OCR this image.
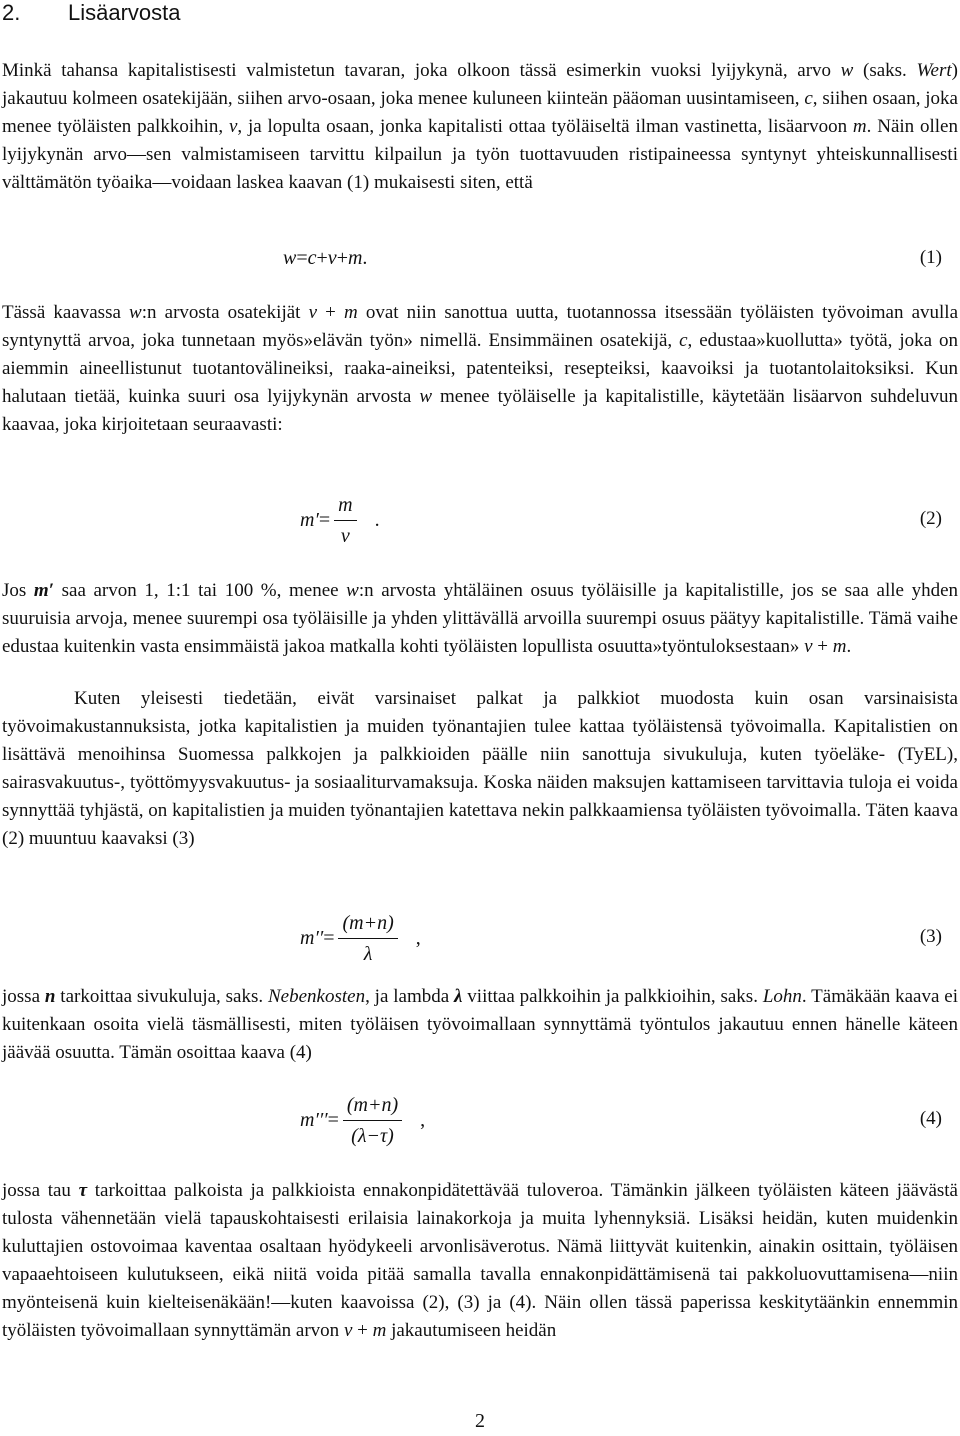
2. Lisäarvosta

Minkä tahansa kapitalistisesti valmistetun tavaran, joka olkoon tässä esimerkin vuoksi lyijykynä, arvo w (saks. Wert) jakautuu kolmeen osatekijään, siihen arvo-osaan, joka menee kuluneen kiinteän pääoman uusintamiseen, c, siihen osaan, joka menee työläisten palkkoihin, v, ja lopulta osaan, jonka kapitalisti ottaa työläiseltä ilman vastinetta, lisäarvoon m. Näin ollen lyijykynän arvo—sen valmistamiseen tarvittu kilpailun ja työn tuottavuuden ristipaineessa syntynyt yhteiskunnallisesti välttämätön työaika—voidaan laskea kaavan (1) mukaisesti siten, että

w = c + v + m .	(1)

Tässä kaavassa w:n arvosta osatekijät v + m ovat niin sanottua uutta, tuotannossa itsessään työläisten työvoiman avulla syntynyttä arvoa, joka tunnetaan myös»elävän työn» nimellä. Ensimmäinen osatekijä, c, edustaa»kuollutta» työtä, joka on aiemmin aineellistunut tuotantovälineiksi, raaka-aineiksi, patenteiksi, resepteiksi, kaavoiksi ja tuotantolaitoksiksi. Kun halutaan tietää, kuinka suuri osa lyijykynän arvosta w menee työläiselle ja kapitalistille, käytetään lisäarvon suhdeluvun kaavaa, joka kirjoitetaan seuraavasti:

$m' = \frac{m}{v}$ .	(2)

Jos m′ saa arvon 1, 1:1 tai 100 %, menee w:n arvosta yhtäläinen osuus työläisille ja kapitalistille, jos se saa alle yhden suuruisia arvoja, menee suurempi osa työläisille ja yhden ylittävällä arvoilla suurempi osuus päätyy kapitalistille. Tämä vaihe edustaa kuitenkin vasta ensimmäistä jakoa matkalla kohti työläisten lopullista osuutta»työntuloksestaan» v + m.

Kuten yleisesti tiedetään, eivät varsinaiset palkat ja palkkiot muodosta kuin osan varsinaisista työvoimakustannuksista, jotka kapitalistien ja muiden työnantajien tulee kattaa työläistensä työvoimalla. Kapitalistien on lisättävä menoihinsa Suomessa palkkojen ja palkkioiden päälle niin sanottuja sivukuluja, kuten työeläke- (TyEL), sairasvakuutus-, työttömyysvakuutus- ja sosiaaliturvamaksuja. Koska näiden maksujen kattamiseen tarvittavia tuloja ei voida synnyttää tyhjästä, on kapitalistien ja muiden työnantajien katettava nekin palkkaamiensa työläisten työvoimalla. Täten kaava (2) muuntuu kaavaksi (3)

$m'' = \frac{(m+n)}{\lambda}$ ,	(3)

jossa n tarkoittaa sivukuluja, saks. Nebenkosten, ja lambda λ viittaa palkkoihin ja palkkioihin, saks. Lohn. Tämäkään kaava ei kuitenkaan osoita vielä täsmällisesti, miten työläisen työvoimallaan synnyttämä työntulos jakautuu ennen hänelle käteen jäävää osuutta. Tämän osoittaa kaava (4)

$m''' = \frac{(m+n)}{(\lambda-\tau)}$ ,	(4)

jossa tau τ tarkoittaa palkoista ja palkkioista ennakonpidätettävää tuloveroa. Tämänkin jälkeen työläisten käteen jäävästä tulosta vähennetään vielä tapauskohtaisesti erilaisia lainakorkoja ja muita lyhennyksiä. Lisäksi heidän, kuten muidenkin kuluttajien ostovoimaa kaventaa osaltaan hyödykeeli arvonlisäverotus. Nämä liittyvät kuitenkin, ainakin osittain, työläisen vapaaehtoiseen kulutukseen, eikä niitä voida pitää samalla tavalla ennakonpidättämisenä tai pakkoluovuttamisena—niin myönteisenä kuin kielteisenäkään!—kuten kaavoissa (2), (3) ja (4). Näin ollen tässä paperissa keskitytäänkin ennemmin työläisten työvoimallaan synnyttämän arvon v + m jakautumiseen heidän

2
